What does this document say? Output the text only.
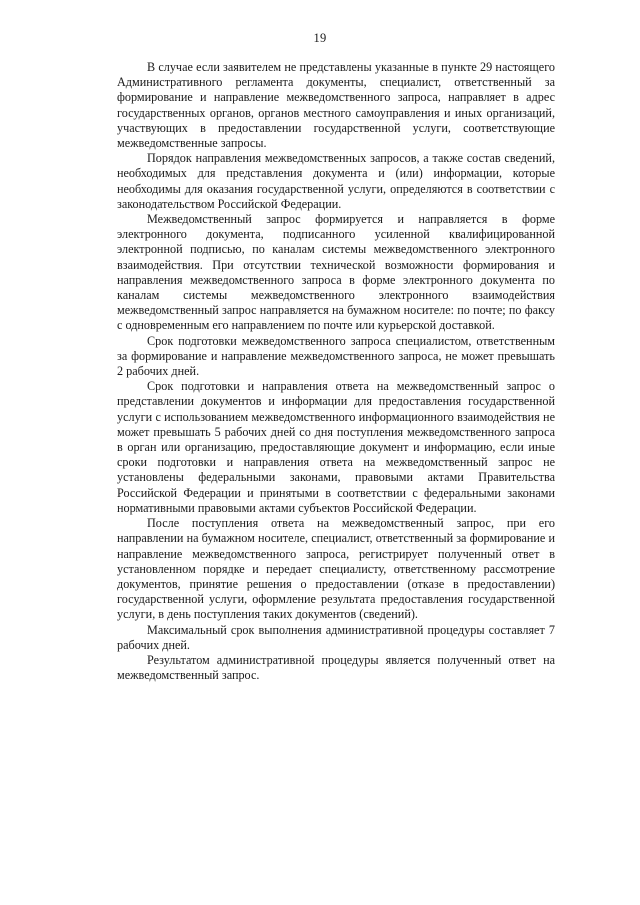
19

В случае если заявителем не представлены указанные в пункте 29 настоящего Административного регламента документы, специалист, ответственный за формирование и направление межведомственного запроса, направляет в адрес государственных органов, органов местного самоуправления и иных организаций, участвующих в предоставлении государственной услуги, соответствующие межведомственные запросы.

Порядок направления межведомственных запросов, а также состав сведений, необходимых для представления документа и (или) информации, которые необходимы для оказания государственной услуги, определяются в соответствии с законодательством Российской Федерации.

Межведомственный запрос формируется и направляется в форме электронного документа, подписанного усиленной квалифицированной электронной подписью, по каналам системы межведомственного электронного взаимодействия. При отсутствии технической возможности формирования и направления межведомственного запроса в форме электронного документа по каналам системы межведомственного электронного взаимодействия межведомственный запрос направляется на бумажном носителе: по почте; по факсу с одновременным его направлением по почте или курьерской доставкой.

Срок подготовки межведомственного запроса специалистом, ответственным за формирование и направление межведомственного запроса, не может превышать 2 рабочих дней.

Срок подготовки и направления ответа на межведомственный запрос о представлении документов и информации для предоставления государственной услуги с использованием межведомственного информационного взаимодействия не может превышать 5 рабочих дней со дня поступления межведомственного запроса в орган или организацию, предоставляющие документ и информацию, если иные сроки подготовки и направления ответа на межведомственный запрос не установлены федеральными законами, правовыми актами Правительства Российской Федерации и принятыми в соответствии с федеральными законами нормативными правовыми актами субъектов Российской Федерации.

После поступления ответа на межведомственный запрос, при его направлении на бумажном носителе, специалист, ответственный за формирование и направление межведомственного запроса, регистрирует полученный ответ в установленном порядке и передает специалисту, ответственному рассмотрение документов, принятие решения о предоставлении (отказе в предоставлении) государственной услуги, оформление результата предоставления государственной услуги, в день поступления таких документов (сведений).

Максимальный срок выполнения административной процедуры составляет 7 рабочих дней.

Результатом административной процедуры является полученный ответ на межведомственный запрос.
